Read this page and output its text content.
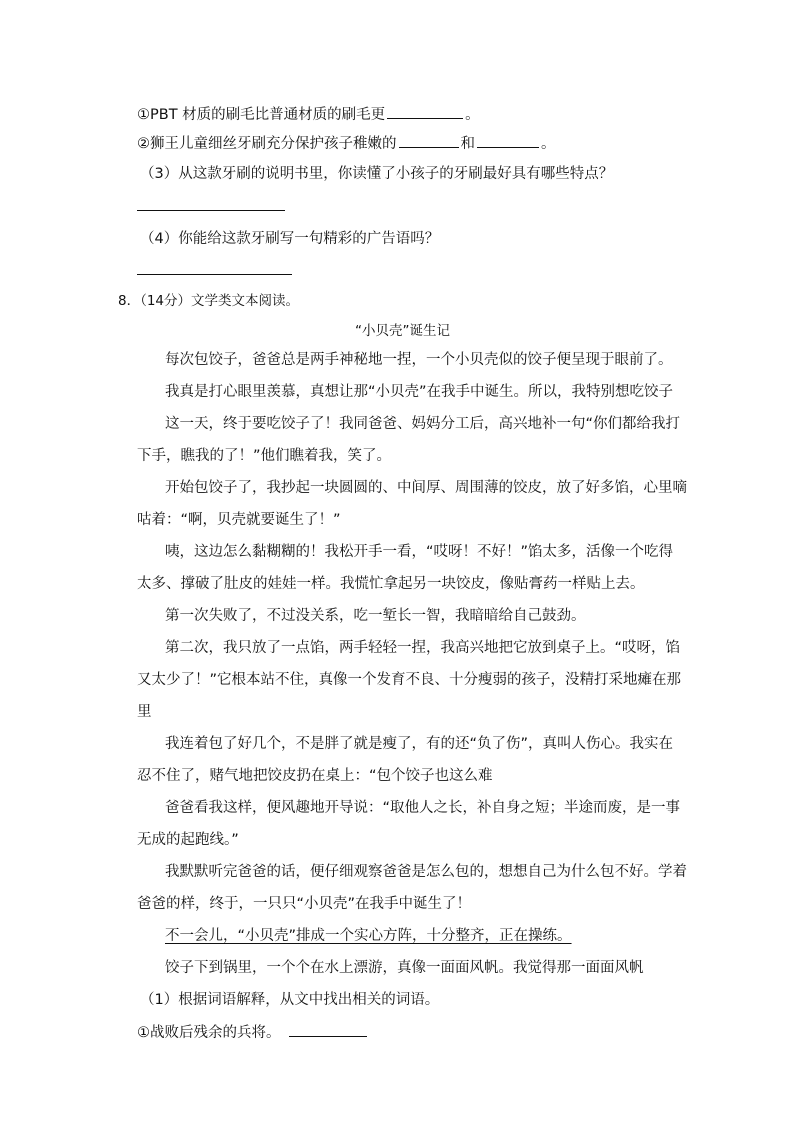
①PBT 材质的刷毛比普通材质的刷毛更	。
②狮王儿童细丝牙刷充分保护孩子稚嫩的	和	。
（3）从这款牙刷的说明书里，你读懂了小孩子的牙刷最好具有哪些特点？
（4）你能给这款牙刷写一句精彩的广告语吗？
8．（14分）文学类文本阅读。
“小贝壳”诞生记
每次包饺子，爸爸总是两手神秘地一捏，一个小贝壳似的饺子便呈现于眼前了。
我真是打心眼里羡慕，真想让那“小贝壳”在我手中诞生。所以，我特别想吃饺子
这一天，终于要吃饺子了！我同爸爸、妈妈分工后，高兴地补一句“你们都给我打
下手，瞧我的了！”他们瞧着我，笑了。
开始包饺子了，我抄起一块圆圆的、中间厚、周围薄的饺皮，放了好多馅，心里嘀
咕着：“啊，贝壳就要诞生了！”
咦，这边怎么黏糊糊的！我松开手一看，“哎呀！不好！”馅太多，活像一个吃得
太多、撑破了肚皮的娃娃一样。我慌忙拿起另一块饺皮，像贴膏药一样贴上去。
第一次失败了，不过没关系，吃一堑长一智，我暗暗给自己鼓劲。
第二次，我只放了一点馅，两手轻轻一捏，我高兴地把它放到桌子上。“哎呀，馅
又太少了！”它根本站不住，真像一个发育不良、十分瘦弱的孩子，没精打采地瘫在那
里
我连着包了好几个，不是胖了就是瘦了，有的还“负了伤”，真叫人伤心。我实在
忍不住了，赌气地把饺皮扔在桌上：“包个饺子也这么难
爸爸看我这样，便风趣地开导说：“取他人之长，补自身之短；半途而废，是一事
无成的起跑线。”
我默默听完爸爸的话，便仔细观察爸爸是怎么包的，想想自己为什么包不好。学着
爸爸的样，终于，一只只“小贝壳”在我手中诞生了！
不一会儿，“小贝壳”排成一个实心方阵，十分整齐，正在操练。
饺子下到锅里，一个个在水上漂游，真像一面面风帆。我觉得那一面面风帆
（1）根据词语解释，从文中找出相关的词语。
①战败后残余的兵将。
